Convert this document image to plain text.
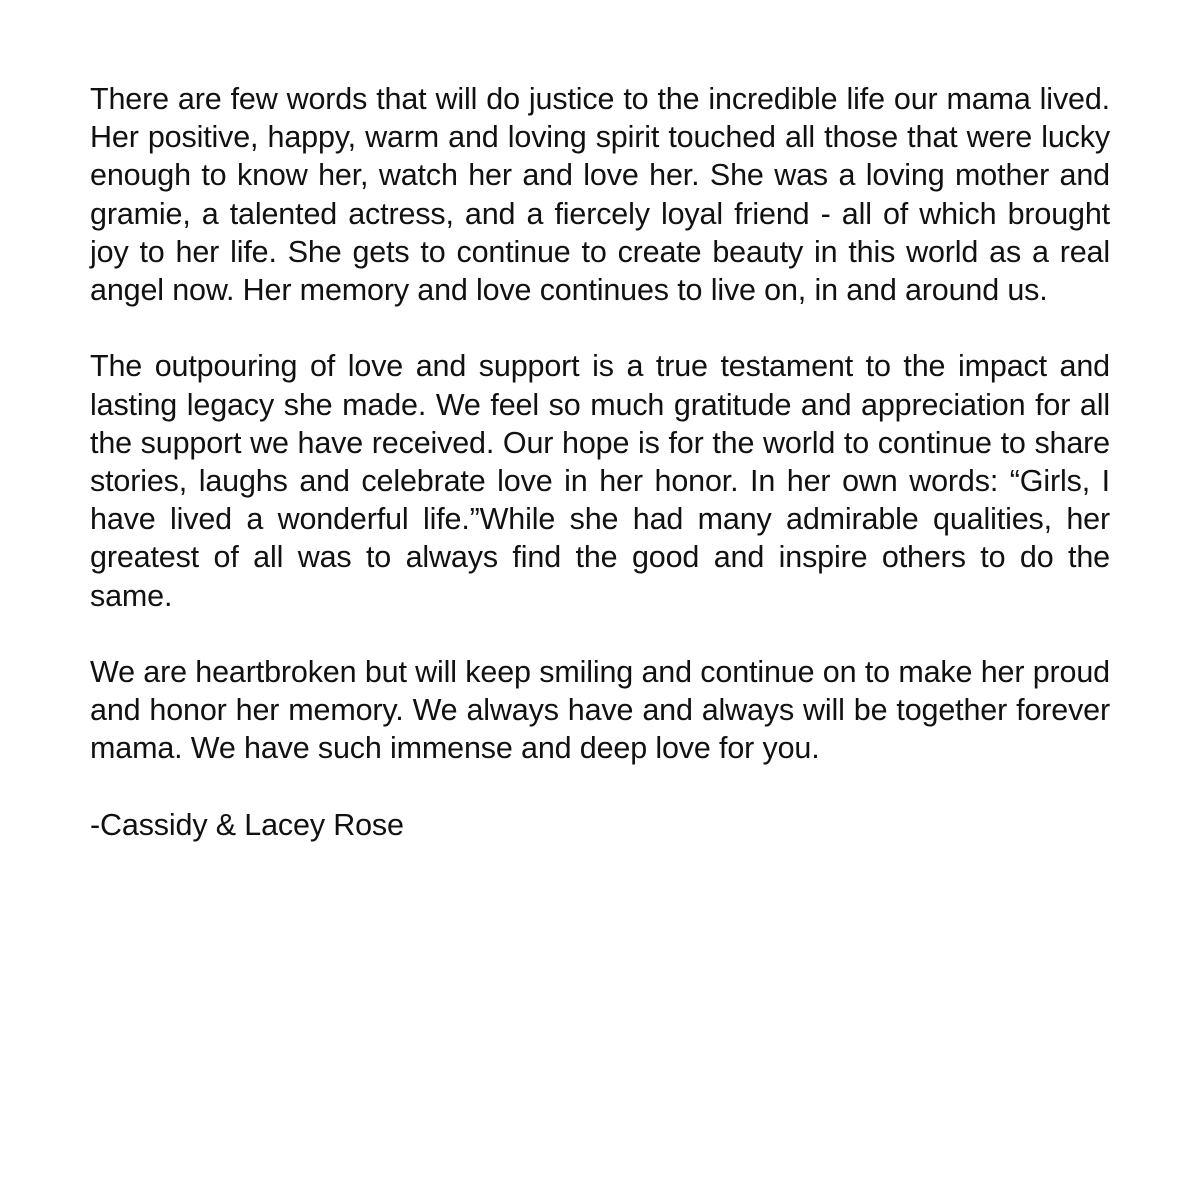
There are few words that will do justice to the incredible life our mama lived. Her positive, happy, warm and loving spirit touched all those that were lucky enough to know her, watch her and love her. She was a loving mother and gramie, a talented actress, and a fiercely loyal friend - all of which brought joy to her life. She gets to continue to create beauty in this world as a real angel now. Her memory and love continues to live on, in and around us.

The outpouring of love and support is a true testament to the impact and lasting legacy she made. We feel so much gratitude and appreciation for all the support we have received. Our hope is for the world to continue to share stories, laughs and celebrate love in her honor. In her own words: “Girls, I have lived a wonderful life.”While she had many admirable qualities, her greatest of all was to always find the good and inspire others to do the same.

We are heartbroken but will keep smiling and continue on to make her proud and honor her memory. We always have and always will be together forever mama. We have such immense and deep love for you.

-Cassidy & Lacey Rose
